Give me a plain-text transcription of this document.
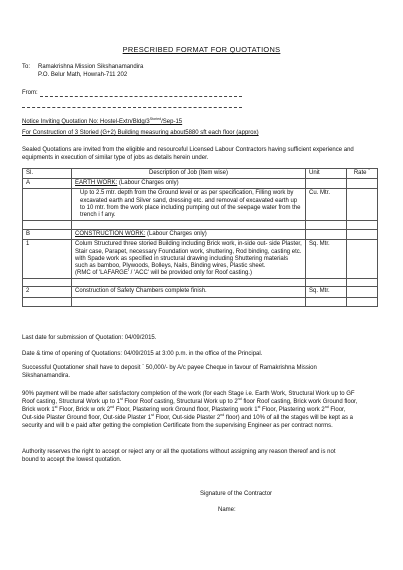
PRESCRIBED FORMAT FOR QUOTATIONS
To: Ramakrishna Mission Sikshanamandira
P.O. Belur Math, Howrah-711 202
From:
Notice Inviting Quotation No: Hostel-$Extn/Bldg/3^{Storied}/Sep-15$
For Construction of 3 Storied (G+2) Building measuring about5880 sft each floor (approx)
Sealed Quotations are invited from the eligible and resourceful Licensed Labour Contractors having sufficient experience and equipments in execution of similar type of jobs as details herein under.
Sl.	Description of Job (Item wise)	Unit	Rate `
A	EARTH WORK: (Labour Charges only)		
	Up to 2.5 mtr. depth from the Ground level or as per specification, Filling work by excavated earth and Silver sand, dressing etc. and removal of excavated earth up to 10 mtr. from the work place including pumping out of the seepage water from the trench i f any.	Cu. Mtr.	

B	CONSTRUCTION WORK: (Labour Charges only)		
1	Colum Structured three storied Building including Brick work, in-side out- side Plaster, Stair case, Parapet, necessary Foundation work, shuttering, Rod binding, casting etc. with Spade work as specified in structural drawing including Shuttering materials such as bamboo, Plywoods, Bolleys, Nails, Binding wires, Plastic sheet.
(RMC of 'LAFARGE' / 'ACC' will be provided only for Roof casting.)	Sq. Mtr.	

2	Construction of Safety Chambers complete finish.	Sq. Mtr.	

Last date for submission of Quotation: 04/09/2015.
Date & time of opening of Quotations: 04/09/2015 at 3:00 p.m. in the office of the Principal.
Successful Quotationer shall have to deposit ` 50,000/- by A/c payee Cheque in favour of Ramakrishna Mission Sikshanamandira.
90% payment will be made after satisfactory completion of the work (for each Stage i.e. Earth Work, Structural Work up to GF Roof casting, Structural Work up to 1st Floor Roof casting, Structural Work up to 2nd floor Roof casting, Brick work Ground floor, Brick work 1st Floor, Brick w ork 2nd Floor, Plastering work Ground floor, Plastering work 1st Floor, Plastering work 2nd Floor, Out-side Plaster Ground floor, Out-side Plaster 1st Floor, Out-side Plaster 2nd floor) and 10% of all the stages will be kept as a security and will b e paid after getting the completion Certificate from the supervising Engineer as per contract norms.
Authority reserves the right to accept or reject any or all the quotations without assigning any reason thereof and is not bound to accept the lowest quotation.
Signature of the Contractor
Name:
